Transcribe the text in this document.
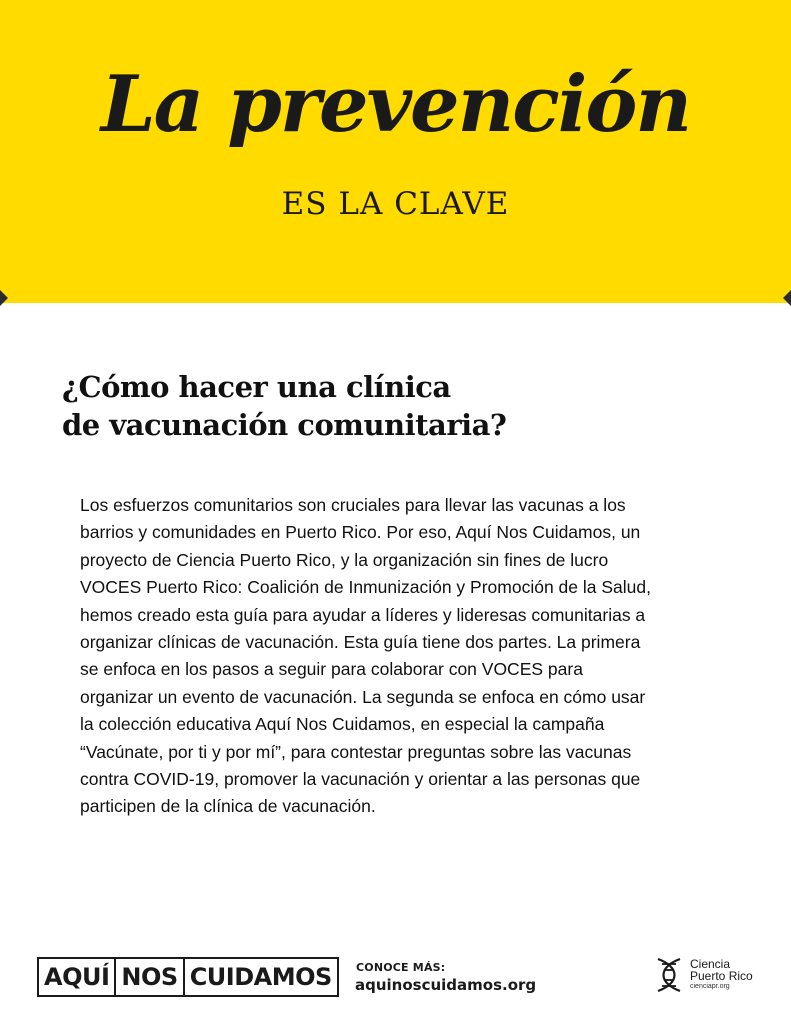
La prevención
ES LA CLAVE
¿Cómo hacer una clínica
de vacunación comunitaria?
Los esfuerzos comunitarios son cruciales para llevar las vacunas a los
barrios y comunidades en Puerto Rico. Por eso, Aquí Nos Cuidamos, un
proyecto de Ciencia Puerto Rico, y la organización sin fines de lucro
VOCES Puerto Rico: Coalición de Inmunización y Promoción de la Salud,
hemos creado esta guía para ayudar a líderes y lideresas comunitarias a
organizar clínicas de vacunación. Esta guía tiene dos partes. La primera
se enfoca en los pasos a seguir para colaborar con VOCES para
organizar un evento de vacunación. La segunda se enfoca en cómo usar
la colección educativa Aquí Nos Cuidamos, en especial la campaña
“Vacúnate, por ti y por mí”, para contestar preguntas sobre las vacunas
contra COVID-19, promover la vacunación y orientar a las personas que
participen de la clínica de vacunación.
AQUÍ NOS CUIDAMOS	CONOCE MÁS:
aquinoscuidamos.org
Ciencia
Puerto Rico
cienciapr.org
